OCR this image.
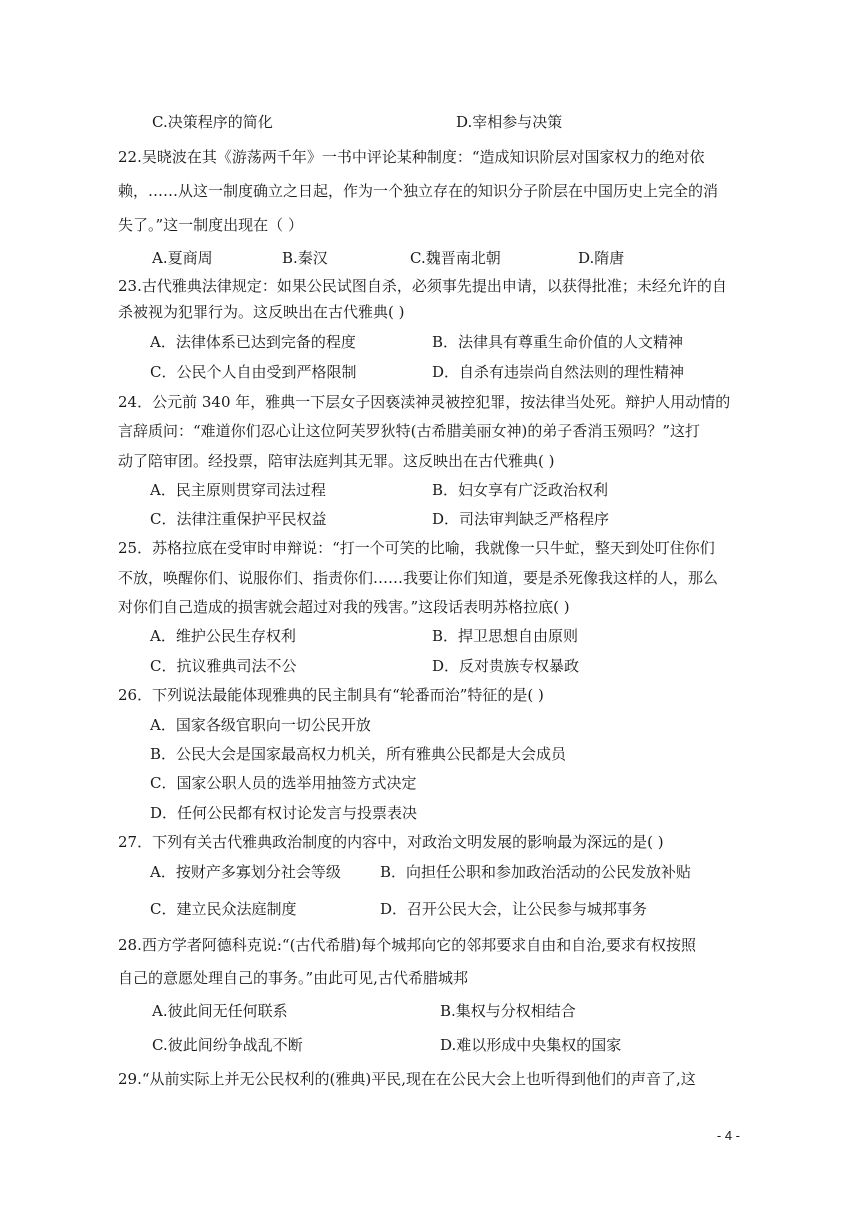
C.决策程序的简化	D.宰相参与决策
22.吴晓波在其《游荡两千年》一书中评论某种制度：“造成知识阶层对国家权力的绝对依
赖，……从这一制度确立之日起，作为一个独立存在的知识分子阶层在中国历史上完全的消
失了。”这一制度出现在（ ）
A.夏商周	B.秦汉	C.魏晋南北朝	D.隋唐
23.古代雅典法律规定：如果公民试图自杀，必须事先提出申请，以获得批准；未经允许的自
杀被视为犯罪行为。这反映出在古代雅典( )
A．法律体系已达到完备的程度	B．法律具有尊重生命价值的人文精神
C．公民个人自由受到严格限制	D．自杀有违崇尚自然法则的理性精神
24．公元前 340 年，雅典一下层女子因亵渎神灵被控犯罪，按法律当处死。辩护人用动情的
言辞质问：“难道你们忍心让这位阿芙罗狄特(古希腊美丽女神)的弟子香消玉殒吗？”这打
动了陪审团。经投票，陪审法庭判其无罪。这反映出在古代雅典( )
A．民主原则贯穿司法过程	B．妇女享有广泛政治权利
C．法律注重保护平民权益	D．司法审判缺乏严格程序
25．苏格拉底在受审时申辩说：“打一个可笑的比喻，我就像一只牛虻，整天到处叮住你们
不放，唤醒你们、说服你们、指责你们……我要让你们知道，要是杀死像我这样的人，那么
对你们自己造成的损害就会超过对我的残害。”这段话表明苏格拉底( )
A．维护公民生存权利	B．捍卫思想自由原则
C．抗议雅典司法不公	D．反对贵族专权暴政
26．下列说法最能体现雅典的民主制具有“轮番而治”特征的是( )
A．国家各级官职向一切公民开放
B．公民大会是国家最高权力机关，所有雅典公民都是大会成员
C．国家公职人员的选举用抽签方式决定
D．任何公民都有权讨论发言与投票表决
27．下列有关古代雅典政治制度的内容中，对政治文明发展的影响最为深远的是( )
A．按财产多寡划分社会等级	B．向担任公职和参加政治活动的公民发放补贴
C．建立民众法庭制度	D．召开公民大会，让公民参与城邦事务
28.西方学者阿德科克说:“(古代希腊)每个城邦向它的邻邦要求自由和自治,要求有权按照
自己的意愿处理自己的事务。”由此可见,古代希腊城邦
A.彼此间无任何联系	B.集权与分权相结合
C.彼此间纷争战乱不断	D.难以形成中央集权的国家
29.“从前实际上并无公民权利的(雅典)平民,现在在公民大会上也听得到他们的声音了,这
- 4 -
